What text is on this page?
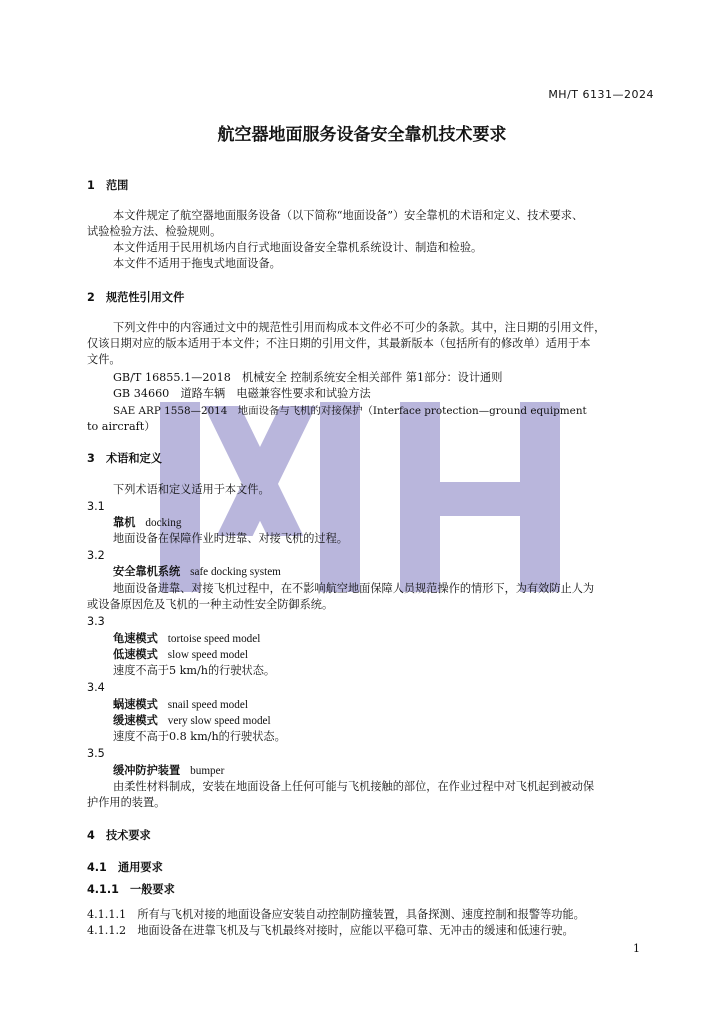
MH/T 6131—2024
航空器地面服务设备安全靠机技术要求
1　范围
本文件规定了航空器地面服务设备（以下简称“地面设备”）安全靠机的术语和定义、技术要求、
试验检验方法、检验规则。
本文件适用于民用机场内自行式地面设备安全靠机系统设计、制造和检验。
本文件不适用于拖曳式地面设备。
2　规范性引用文件
下列文件中的内容通过文中的规范性引用而构成本文件必不可少的条款。其中，注日期的引用文件，
仅该日期对应的版本适用于本文件；不注日期的引用文件，其最新版本（包括所有的修改单）适用于本
文件。
GB/T 16855.1—2018　机械安全 控制系统安全相关部件 第1部分：设计通则
GB 34660　道路车辆　电磁兼容性要求和试验方法
SAE ARP 1558—2014　地面设备与飞机的对接保护（Interface protection—ground equipment
to aircraft）
3　术语和定义
下列术语和定义适用于本文件。
3.1
靠机 docking
地面设备在保障作业时进靠、对接飞机的过程。
3.2
安全靠机系统 safe docking system
地面设备进靠、对接飞机过程中，在不影响航空地面保障人员规范操作的情形下，为有效防止人为
或设备原因危及飞机的一种主动性安全防御系统。
3.3
龟速模式 tortoise speed model
低速模式 slow speed model
速度不高于5 km/h的行驶状态。
3.4
蜗速模式 snail speed model
缓速模式 very slow speed model
速度不高于0.8 km/h的行驶状态。
3.5
缓冲防护装置 bumper
由柔性材料制成，安装在地面设备上任何可能与飞机接触的部位，在作业过程中对飞机起到被动保
护作用的装置。
4　技术要求
4.1　通用要求
4.1.1　一般要求
4.1.1.1　所有与飞机对接的地面设备应安装自动控制防撞装置，具备探测、速度控制和报警等功能。
4.1.1.2　地面设备在进靠飞机及与飞机最终对接时，应能以平稳可靠、无冲击的缓速和低速行驶。
1
